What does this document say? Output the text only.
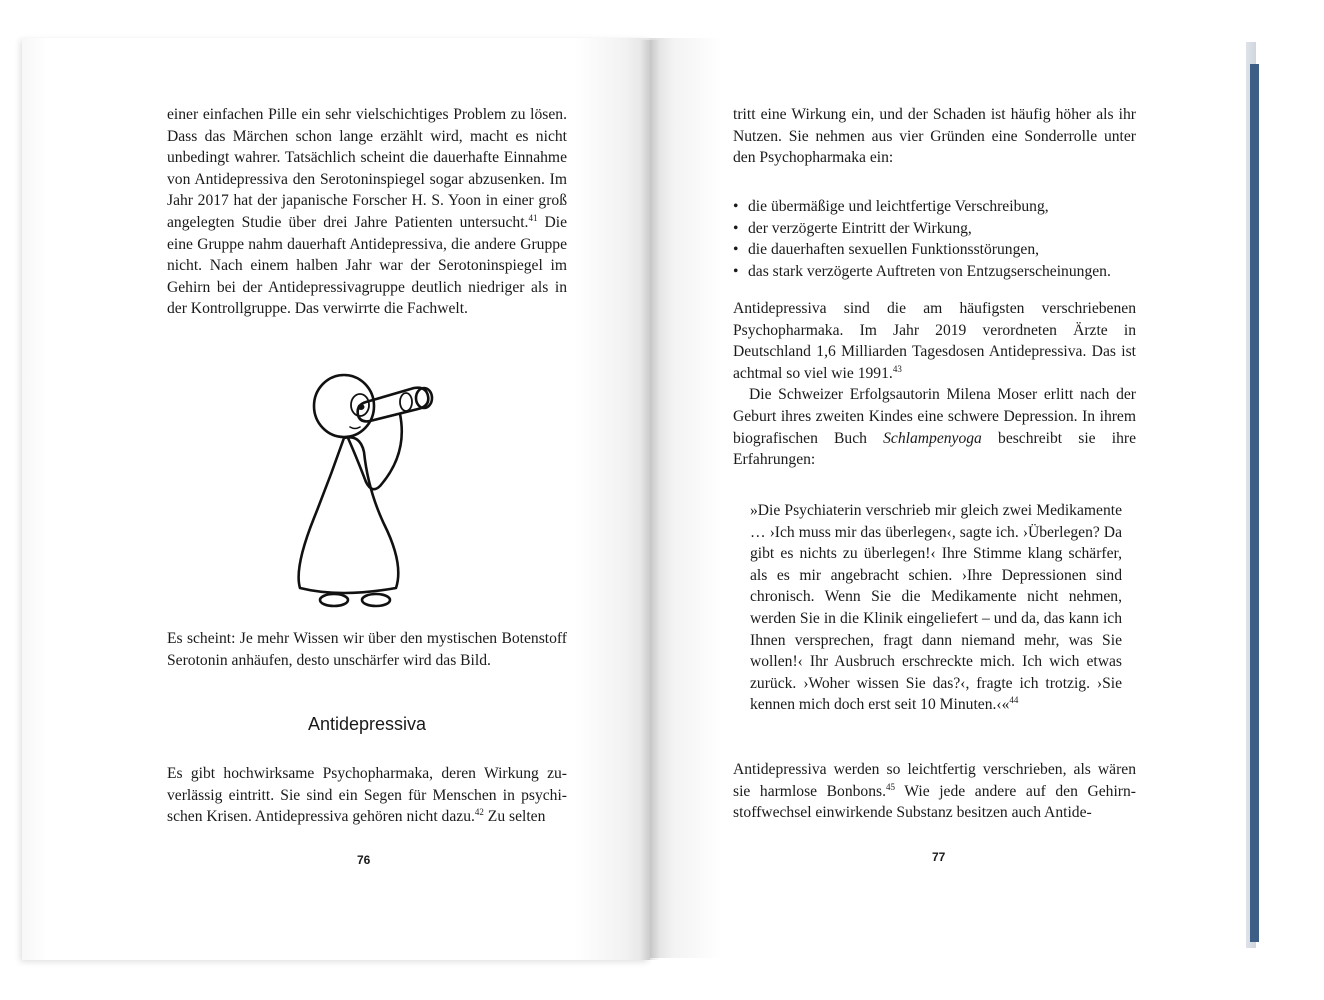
einer einfachen Pille ein sehr vielschichtiges Problem zu lösen. Dass das Märchen schon lange erzählt wird, macht es nicht unbedingt wahrer. Tatsächlich scheint die dauerhafte Einnahme von Antidepressiva den Serotoninspiegel sogar abzusenken. Im Jahr 2017 hat der japanische Forscher H. S. Yoon in einer groß angelegten Studie über drei Jahre Patienten untersucht.$^{41}$ Die eine Gruppe nahm dauerhaft Antidepressiva, die andere Gruppe nicht. Nach einem halben Jahr war der Serotoninspiegel im Gehirn bei der Antidepressivagruppe deutlich niedriger als in der Kontrollgruppe. Das verwirrte die Fachwelt.

Es scheint: Je mehr Wissen wir über den mystischen Botenstoff Serotonin anhäufen, desto unschärfer wird das Bild.

Antidepressiva

Es gibt hochwirksame Psychopharmaka, deren Wirkung zuverlässig eintritt. Sie sind ein Segen für Menschen in psychischen Krisen. Antidepressiva gehören nicht dazu.$^{42}$ Zu selten

76

tritt eine Wirkung ein, und der Schaden ist häufig höher als ihr Nutzen. Sie nehmen aus vier Gründen eine Sonderrolle unter den Psychopharmaka ein:

• die übermäßige und leichtfertige Verschreibung,
• der verzögerte Eintritt der Wirkung,
• die dauerhaften sexuellen Funktionsstörungen,
• das stark verzögerte Auftreten von Entzugserscheinungen.

Antidepressiva sind die am häufigsten verschriebenen Psychopharmaka. Im Jahr 2019 verordneten Ärzte in Deutschland 1,6 Milliarden Tagesdosen Antidepressiva. Das ist achtmal so viel wie 1991.43

Die Schweizer Erfolgsautorin Milena Moser erlitt nach der Geburt ihres zweiten Kindes eine schwere Depression. In ihrem biografischen Buch Schlampenyoga beschreibt sie ihre Erfahrungen:

»Die Psychiaterin verschrieb mir gleich zwei Medikamente … ›Ich muss mir das überlegen‹, sagte ich. ›Überlegen? Da gibt es nichts zu überlegen!‹ Ihre Stimme klang schärfer, als es mir angebracht schien. ›Ihre Depressionen sind chronisch. Wenn Sie die Medikamente nicht nehmen, werden Sie in die Klinik eingeliefert – und da, das kann ich Ihnen versprechen, fragt dann niemand mehr, was Sie wollen!‹ Ihr Ausbruch erschreckte mich. Ich wich etwas zurück. ›Woher wissen Sie das?‹, fragte ich trotzig. ›Sie kennen mich doch erst seit 10 Minuten.‹«$^{44}$

Antidepressiva werden so leichtfertig verschrieben, als wären sie harmlose Bonbons.$^{45}$ Wie jede andere auf den Gehirnstoffwechsel einwirkende Substanz besitzen auch Antide-

77
